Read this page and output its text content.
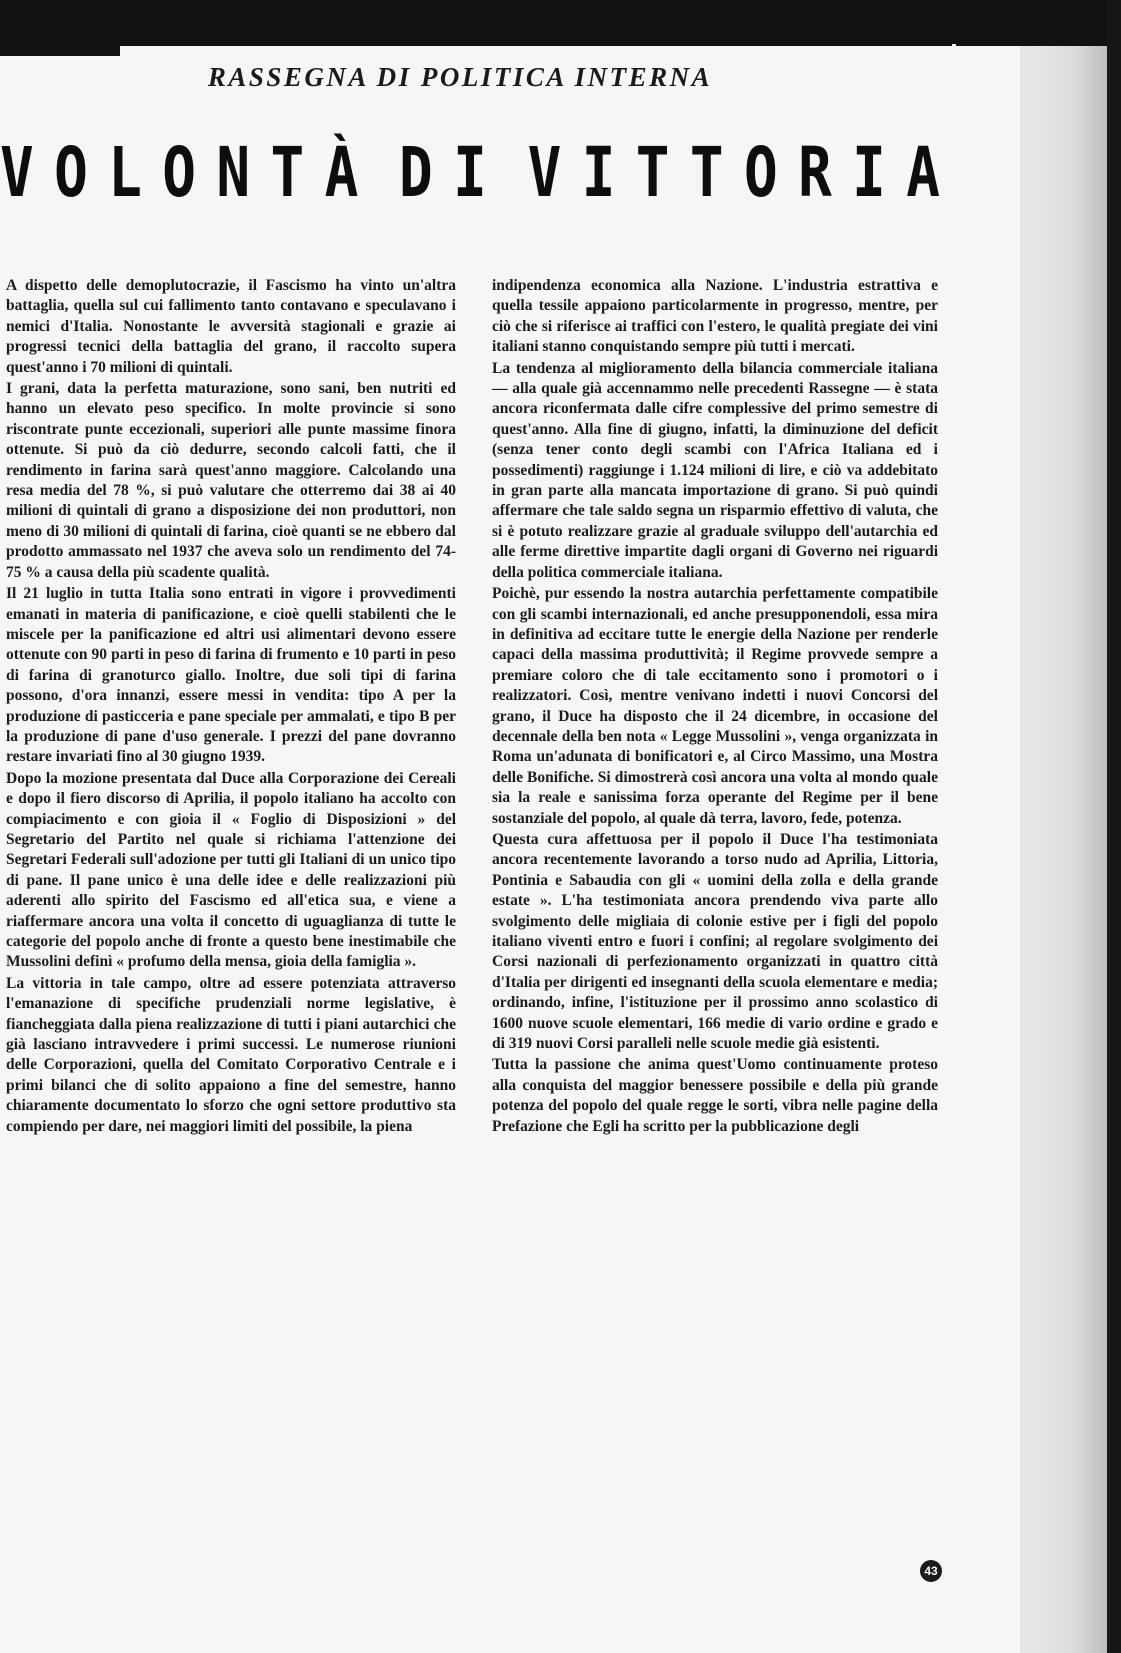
RASSEGNA DI POLITICA INTERNA
V O L O N T À D I V I T T O R I A

A dispetto delle demoplutocrazie, il Fascismo ha vinto un'altra battaglia, quella sul cui fallimento tanto contavano e speculavano i nemici d'Italia. Nonostante le avversità stagionali e grazie ai progressi tecnici della battaglia del grano, il raccolto supera quest'anno i 70 milioni di quintali.

I grani, data la perfetta maturazione, sono sani, ben nutriti ed hanno un elevato peso specifico. In molte provincie si sono riscontrate punte eccezionali, superiori alle punte massime finora ottenute. Si può da ciò dedurre, secondo calcoli fatti, che il rendimento in farina sarà quest'anno maggiore. Calcolando una resa media del 78 %, si può valutare che otterremo dai 38 ai 40 milioni di quintali di grano a disposizione dei non produttori, non meno di 30 milioni di quintali di farina, cioè quanti se ne ebbero dal prodotto ammassato nel 1937 che aveva solo un rendimento del 74-75 % a causa della più scadente qualità.

Il 21 luglio in tutta Italia sono entrati in vigore i provvedimenti emanati in materia di panificazione, e cioè quelli stabilenti che le miscele per la panificazione ed altri usi alimentari devono essere ottenute con 90 parti in peso di farina di frumento e 10 parti in peso di farina di granoturco giallo. Inoltre, due soli tipi di farina possono, d'ora innanzi, essere messi in vendita: tipo A per la produzione di pasticceria e pane speciale per ammalati, e tipo B per la produzione di pane d'uso generale. I prezzi del pane dovranno restare invariati fino al 30 giugno 1939.

Dopo la mozione presentata dal Duce alla Corporazione dei Cereali e dopo il fiero discorso di Aprilia, il popolo italiano ha accolto con compiacimento e con gioia il « Foglio di Disposizioni » del Segretario del Partito nel quale si richiama l'attenzione dei Segretari Federali sull'adozione per tutti gli Italiani di un unico tipo di pane. Il pane unico è una delle idee e delle realizzazioni più aderenti allo spirito del Fascismo ed all'etica sua, e viene a riaffermare ancora una volta il concetto di uguaglianza di tutte le categorie del popolo anche di fronte a questo bene inestimabile che Mussolini definì « profumo della mensa, gioia della famiglia ».

La vittoria in tale campo, oltre ad essere potenziata attraverso l'emanazione di specifiche prudenziali norme legislative, è fiancheggiata dalla piena realizzazione di tutti i piani autarchici che già lasciano intravvedere i primi successi. Le numerose riunioni delle Corporazioni, quella del Comitato Corporativo Centrale e i primi bilanci che di solito appaiono a fine del semestre, hanno chiaramente documentato lo sforzo che ogni settore produttivo sta compiendo per dare, nei maggiori limiti del possibile, la piena

indipendenza economica alla Nazione. L'industria estrattiva e quella tessile appaiono particolarmente in progresso, mentre, per ciò che si riferisce ai traffici con l'estero, le qualità pregiate dei vini italiani stanno conquistando sempre più tutti i mercati.

La tendenza al miglioramento della bilancia commerciale italiana — alla quale già accennammo nelle precedenti Rassegne — è stata ancora riconfermata dalle cifre complessive del primo semestre di quest'anno. Alla fine di giugno, infatti, la diminuzione del deficit (senza tener conto degli scambi con l'Africa Italiana ed i possedimenti) raggiunge i 1.124 milioni di lire, e ciò va addebitato in gran parte alla mancata importazione di grano. Si può quindi affermare che tale saldo segna un risparmio effettivo di valuta, che si è potuto realizzare grazie al graduale sviluppo dell'autarchia ed alle ferme direttive impartite dagli organi di Governo nei riguardi della politica commerciale italiana.

Poichè, pur essendo la nostra autarchia perfettamente compatibile con gli scambi internazionali, ed anche presupponendoli, essa mira in definitiva ad eccitare tutte le energie della Nazione per renderle capaci della massima produttività; il Regime provvede sempre a premiare coloro che di tale eccitamento sono i promotori o i realizzatori. Così, mentre venivano indetti i nuovi Concorsi del grano, il Duce ha disposto che il 24 dicembre, in occasione del decennale della ben nota « Legge Mussolini », venga organizzata in Roma un'adunata di bonificatori e, al Circo Massimo, una Mostra delle Bonifiche. Si dimostrerà così ancora una volta al mondo quale sia la reale e sanissima forza operante del Regime per il bene sostanziale del popolo, al quale dà terra, lavoro, fede, potenza.

Questa cura affettuosa per il popolo il Duce l'ha testimoniata ancora recentemente lavorando a torso nudo ad Aprilia, Littoria, Pontinia e Sabaudia con gli « uomini della zolla e della grande estate ». L'ha testimoniata ancora prendendo viva parte allo svolgimento delle migliaia di colonie estive per i figli del popolo italiano viventi entro e fuori i confini; al regolare svolgimento dei Corsi nazionali di perfezionamento organizzati in quattro città d'Italia per dirigenti ed insegnanti della scuola elementare e media; ordinando, infine, l'istituzione per il prossimo anno scolastico di 1600 nuove scuole elementari, 166 medie di vario ordine e grado e di 319 nuovi Corsi paralleli nelle scuole medie già esistenti.

Tutta la passione che anima quest'Uomo continuamente proteso alla conquista del maggior benessere possibile e della più grande potenza del popolo del quale regge le sorti, vibra nelle pagine della Prefazione che Egli ha scritto per la pubblicazione degli

43
